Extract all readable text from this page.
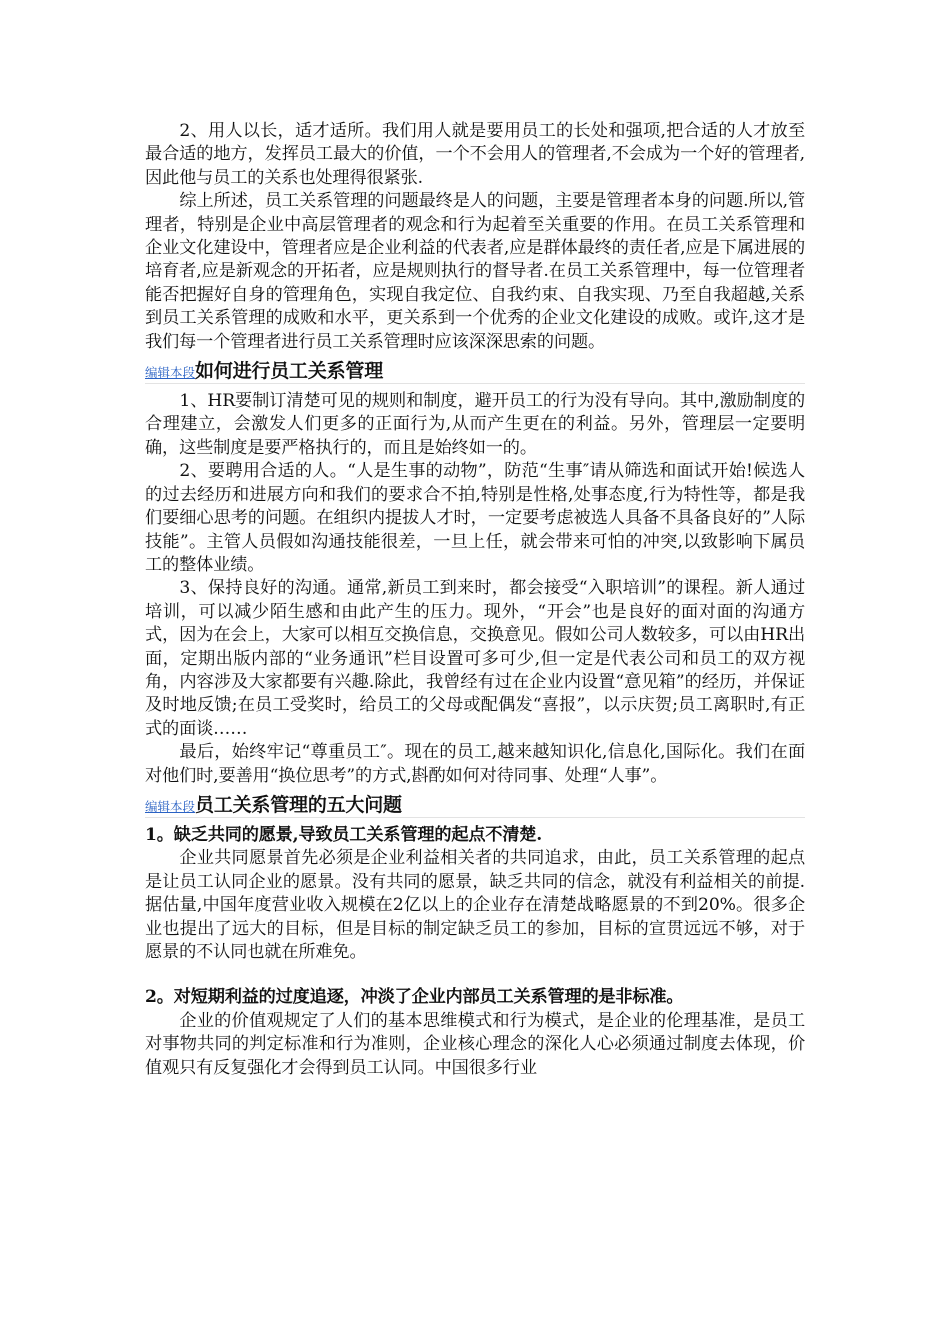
2、用人以长，适才适所。我们用人就是要用员工的长处和强项,把合适的人才放至最合适的地方，发挥员工最大的价值，一个不会用人的管理者,不会成为一个好的管理者,因此他与员工的关系也处理得很紧张.

综上所述，员工关系管理的问题最终是人的问题，主要是管理者本身的问题.所以,管理者，特别是企业中高层管理者的观念和行为起着至关重要的作用。在员工关系管理和企业文化建设中，管理者应是企业利益的代表者,应是群体最终的责任者,应是下属进展的培育者,应是新观念的开拓者，应是规则执行的督导者.在员工关系管理中，每一位管理者能否把握好自身的管理角色，实现自我定位、自我约束、自我实现、乃至自我超越,关系到员工关系管理的成败和水平，更关系到一个优秀的企业文化建设的成败。或许,这才是我们每一个管理者进行员工关系管理时应该深深思索的问题。

编辑本段如何进行员工关系管理

1、HR要制订清楚可见的规则和制度，避开员工的行为没有导向。其中,激励制度的合理建立，会激发人们更多的正面行为,从而产生更在的利益。另外，管理层一定要明确，这些制度是要严格执行的，而且是始终如一的。

2、要聘用合适的人。“人是生事的动物”，防范“生事″请从筛选和面试开始!候选人的过去经历和进展方向和我们的要求合不拍,特别是性格,处事态度,行为特性等，都是我们要细心思考的问题。在组织内提拔人才时，一定要考虑被选人具备不具备良好的”人际技能”。主管人员假如沟通技能很差，一旦上任，就会带来可怕的冲突,以致影响下属员工的整体业绩。

3、保持良好的沟通。通常,新员工到来时，都会接受“入职培训”的课程。新人通过培训，可以减少陌生感和由此产生的压力。现外，“开会”也是良好的面对面的沟通方式，因为在会上，大家可以相互交换信息，交换意见。假如公司人数较多，可以由HR出面，定期出版内部的“业务通讯”栏目设置可多可少,但一定是代表公司和员工的双方视角，内容涉及大家都要有兴趣.除此，我曾经有过在企业内设置“意见箱”的经历，并保证及时地反馈;在员工受奖时，给员工的父母或配偶发“喜报”，以示庆贺;员工离职时,有正式的面谈……

最后，始终牢记“尊重员工″。现在的员工,越来越知识化,信息化,国际化。我们在面对他们时,要善用“换位思考”的方式,斟酌如何对待同事、处理“人事”。

编辑本段员工关系管理的五大问题

1。缺乏共同的愿景,导致员工关系管理的起点不清楚.

企业共同愿景首先必须是企业利益相关者的共同追求，由此，员工关系管理的起点是让员工认同企业的愿景。没有共同的愿景，缺乏共同的信念，就没有利益相关的前提.据估量,中国年度营业收入规模在2亿以上的企业存在清楚战略愿景的不到20%。很多企业也提出了远大的目标，但是目标的制定缺乏员工的参加，目标的宣贯远远不够，对于愿景的不认同也就在所难免。

2。对短期利益的过度追逐，冲淡了企业内部员工关系管理的是非标准。

企业的价值观规定了人们的基本思维模式和行为模式，是企业的伦理基准，是员工对事物共同的判定标准和行为准则，企业核心理念的深化人心必须通过制度去体现，价值观只有反复强化才会得到员工认同。中国很多行业
